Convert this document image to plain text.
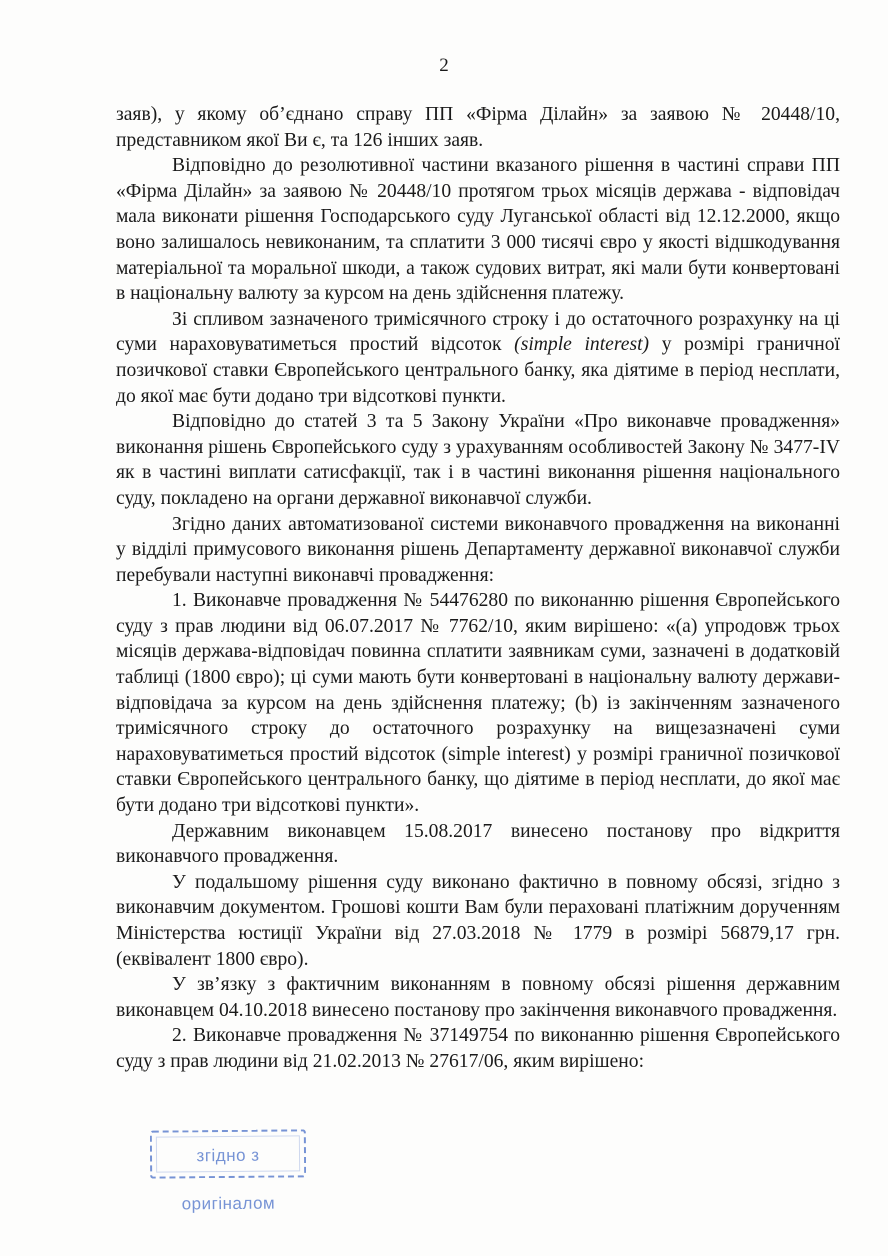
2

заяв), у якому об’єднано справу ПП «Фірма Ділайн» за заявою № 20448/10, представником якої Ви є, та 126 інших заяв.

Відповідно до резолютивної частини вказаного рішення в частині справи ПП «Фірма Ділайн» за заявою № 20448/10 протягом трьох місяців держава - відповідач мала виконати рішення Господарського суду Луганської області від 12.12.2000, якщо воно залишалось невиконаним, та сплатити 3 000 тисячі євро у якості відшкодування матеріальної та моральної шкоди, а також судових витрат, які мали бути конвертовані в національну валюту за курсом на день здійснення платежу.

Зі спливом зазначеного тримісячного строку і до остаточного розрахунку на ці суми нараховуватиметься простий відсоток (simple interest) у розмірі граничної позичкової ставки Європейського центрального банку, яка діятиме в період несплати, до якої має бути додано три відсоткові пункти.

Відповідно до статей 3 та 5 Закону України «Про виконавче провадження» виконання рішень Європейського суду з урахуванням особливостей Закону № 3477-IV як в частині виплати сатисфакції, так і в частині виконання рішення національного суду, покладено на органи державної виконавчої служби.

Згідно даних автоматизованої системи виконавчого провадження на виконанні у відділі примусового виконання рішень Департаменту державної виконавчої служби перебували наступні виконавчі провадження:

1. Виконавче провадження № 54476280 по виконанню рішення Європейського суду з прав людини від 06.07.2017 № 7762/10, яким вирішено: «(a) упродовж трьох місяців держава-відповідач повинна сплатити заявникам суми, зазначені в додатковій таблиці (1800 євро); ці суми мають бути конвертовані в національну валюту держави-відповідача за курсом на день здійснення платежу; (b) із закінченням зазначеного тримісячного строку до остаточного розрахунку на вищезазначені суми нараховуватиметься простий відсоток (simple interest) у розмірі граничної позичкової ставки Європейського центрального банку, що діятиме в період несплати, до якої має бути додано три відсоткові пункти».

Державним виконавцем 15.08.2017 винесено постанову про відкриття виконавчого провадження.

У подальшому рішення суду виконано фактично в повному обсязі, згідно з виконавчим документом. Грошові кошти Вам були пераховані платіжним дорученням Міністерства юстиції України від 27.03.2018 № 1779 в розмірі 56879,17 грн. (еквівалент 1800 євро).

У зв’язку з фактичним виконанням в повному обсязі рішення державним виконавцем 04.10.2018 винесено постанову про закінчення виконавчого провадження.

2. Виконавче провадження № 37149754 по виконанню рішення Європейського суду з прав людини від 21.02.2013 № 27617/06, яким вирішено:

згідно з оригіналом
